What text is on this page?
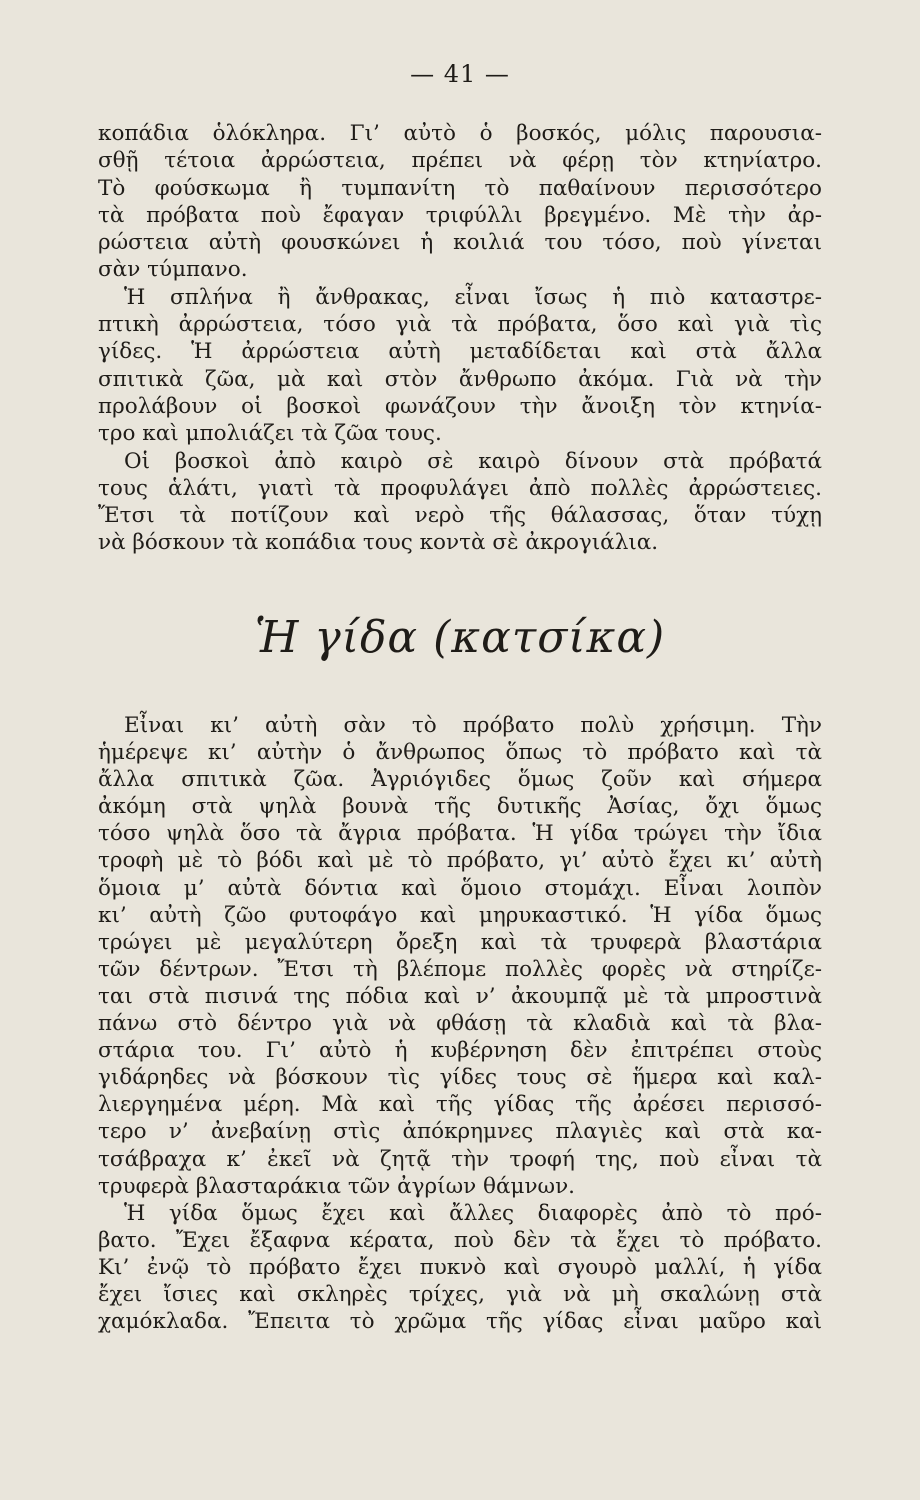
— 41 —
κοπάδια ὁλόκληρα. Γι’ αὐτὸ ὁ βοσκός, μόλις παρουσια-
σθῇ τέτοια ἀρρώστεια, πρέπει νὰ φέρῃ τὸν κτηνίατρο.
Τὸ φούσκωμα ἢ τυμπανίτη τὸ παθαίνουν περισσότερο
τὰ πρόβατα ποὺ ἔφαγαν τριφύλλι βρεγμένο. Μὲ τὴν ἀρ-
ρώστεια αὐτὴ φουσκώνει ἡ κοιλιά του τόσο, ποὺ γίνεται
σὰν τύμπανο.
Ἡ σπλήνα ἢ ἄνθρακας, εἶναι ἴσως ἡ πιὸ καταστρε-
πτικὴ ἀρρώστεια, τόσο γιὰ τὰ πρόβατα, ὅσο καὶ γιὰ τὶς
γίδες. Ἡ ἀρρώστεια αὐτὴ μεταδίδεται καὶ στὰ ἄλλα
σπιτικὰ ζῶα, μὰ καὶ στὸν ἄνθρωπο ἀκόμα. Γιὰ νὰ τὴν
προλάβουν οἱ βοσκοὶ φωνάζουν τὴν ἄνοιξη τὸν κτηνία-
τρο καὶ μπολιάζει τὰ ζῶα τους.
Οἱ βοσκοὶ ἀπὸ καιρὸ σὲ καιρὸ δίνουν στὰ πρόβατά
τους ἁλάτι, γιατὶ τὰ προφυλάγει ἀπὸ πολλὲς ἀρρώστειες.
Ἔτσι τὰ ποτίζουν καὶ νερὸ τῆς θάλασσας, ὅταν τύχῃ
νὰ βόσκουν τὰ κοπάδια τους κοντὰ σὲ ἀκρογιάλια.
Ἡ γίδα (κατσίκα)
Εἶναι κι’ αὐτὴ σὰν τὸ πρόβατο πολὺ χρήσιμη. Τὴν
ἡμέρεψε κι’ αὐτὴν ὁ ἄνθρωπος ὅπως τὸ πρόβατο καὶ τὰ
ἄλλα σπιτικὰ ζῶα. Ἀγριόγιδες ὅμως ζοῦν καὶ σήμερα
ἀκόμη στὰ ψηλὰ βουνὰ τῆς δυτικῆς Ἀσίας, ὄχι ὅμως
τόσο ψηλὰ ὅσο τὰ ἄγρια πρόβατα. Ἡ γίδα τρώγει τὴν ἴδια
τροφὴ μὲ τὸ βόδι καὶ μὲ τὸ πρόβατο, γι’ αὐτὸ ἔχει κι’ αὐτὴ
ὅμοια μ’ αὐτὰ δόντια καὶ ὅμοιο στομάχι. Εἶναι λοιπὸν
κι’ αὐτὴ ζῶο φυτοφάγο καὶ μηρυκαστικό. Ἡ γίδα ὅμως
τρώγει μὲ μεγαλύτερη ὄρεξη καὶ τὰ τρυφερὰ βλαστάρια
τῶν δέντρων. Ἔτσι τὴ βλέπομε πολλὲς φορὲς νὰ στηρίζε-
ται στὰ πισινά της πόδια καὶ ν’ ἀκουμπᾷ μὲ τὰ μπροστινὰ
πάνω στὸ δέντρο γιὰ νὰ φθάσῃ τὰ κλαδιὰ καὶ τὰ βλα-
στάρια του. Γι’ αὐτὸ ἡ κυβέρνηση δὲν ἐπιτρέπει στοὺς
γιδάρηδες νὰ βόσκουν τὶς γίδες τους σὲ ἥμερα καὶ καλ-
λιεργημένα μέρη. Μὰ καὶ τῆς γίδας τῆς ἀρέσει περισσό-
τερο ν’ ἀνεβαίνῃ στὶς ἀπόκρημνες πλαγιὲς καὶ στὰ κα-
τσάβραχα κ’ ἐκεῖ νὰ ζητᾷ τὴν τροφή της, ποὺ εἶναι τὰ
τρυφερὰ βλασταράκια τῶν ἀγρίων θάμνων.
Ἡ γίδα ὅμως ἔχει καὶ ἄλλες διαφορὲς ἀπὸ τὸ πρό-
βατο. Ἔχει ἔξαφνα κέρατα, ποὺ δὲν τὰ ἔχει τὸ πρόβατο.
Κι’ ἐνῷ τὸ πρόβατο ἔχει πυκνὸ καὶ σγουρὸ μαλλί, ἡ γίδα
ἔχει ἴσιες καὶ σκληρὲς τρίχες, γιὰ νὰ μὴ σκαλώνῃ στὰ
χαμόκλαδα. Ἔπειτα τὸ χρῶμα τῆς γίδας εἶναι μαῦρο καὶ
